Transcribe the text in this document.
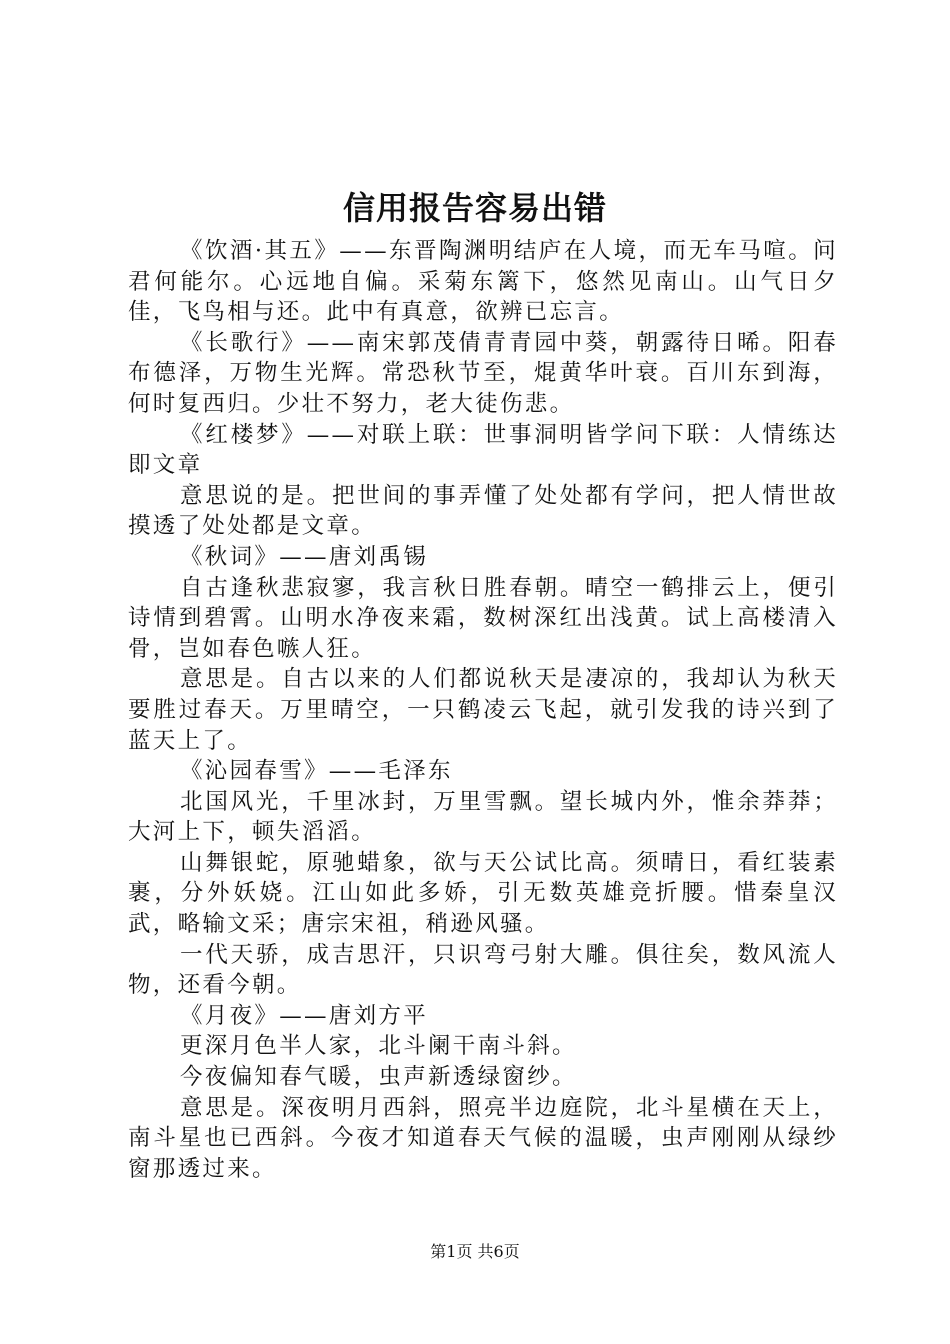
信用报告容易出错

《饮酒·其五》——东晋陶渊明结庐在人境，而无车马喧。问君何能尔。心远地自偏。采菊东篱下，悠然见南山。山气日夕佳，飞鸟相与还。此中有真意，欲辨已忘言。

《长歌行》——南宋郭茂倩青青园中葵，朝露待日晞。阳春布德泽，万物生光辉。常恐秋节至，焜黄华叶衰。百川东到海，何时复西归。少壮不努力，老大徒伤悲。

《红楼梦》——对联上联：世事洞明皆学问下联：人情练达即文章

意思说的是。把世间的事弄懂了处处都有学问，把人情世故摸透了处处都是文章。

《秋词》——唐刘禹锡

自古逢秋悲寂寥，我言秋日胜春朝。晴空一鹤排云上，便引诗情到碧霄。山明水净夜来霜，数树深红出浅黄。试上高楼清入骨，岂如春色嗾人狂。

意思是。自古以来的人们都说秋天是凄凉的，我却认为秋天要胜过春天。万里晴空，一只鹤凌云飞起，就引发我的诗兴到了蓝天上了。

《沁园春雪》——毛泽东

北国风光，千里冰封，万里雪飘。望长城内外，惟余莽莽；大河上下，顿失滔滔。

山舞银蛇，原驰蜡象，欲与天公试比高。须晴日，看红装素裹，分外妖娆。江山如此多娇，引无数英雄竞折腰。惜秦皇汉武，略输文采；唐宗宋祖，稍逊风骚。

一代天骄，成吉思汗，只识弯弓射大雕。俱往矣，数风流人物，还看今朝。

《月夜》——唐刘方平

更深月色半人家，北斗阑干南斗斜。

今夜偏知春气暖，虫声新透绿窗纱。

意思是。深夜明月西斜，照亮半边庭院，北斗星横在天上，南斗星也已西斜。今夜才知道春天气候的温暖，虫声刚刚从绿纱窗那透过来。

第1页 共6页
